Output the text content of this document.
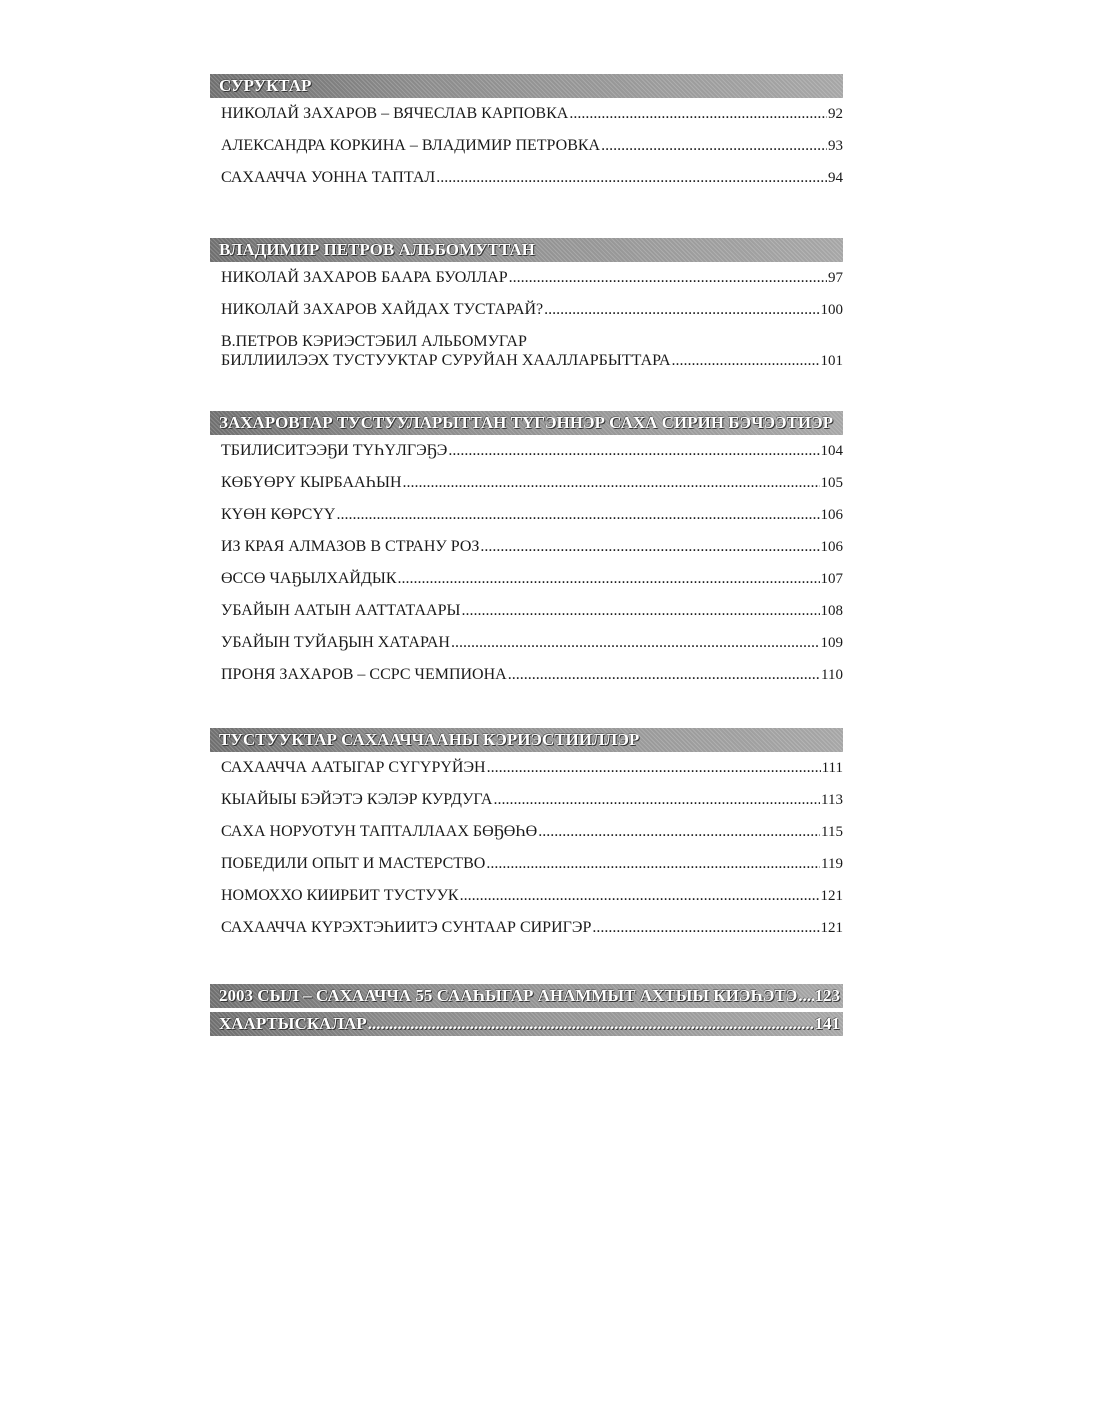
СУРУКТАР
НИКОЛАЙ ЗАХАРОВ – ВЯЧЕСЛАВ КАРПОВКА .....	92
АЛЕКСАНДРА КОРКИНА – ВЛАДИМИР ПЕТРОВКА .....	93
САХААЧЧА УОННА ТАПТАЛ .....	94
ВЛАДИМИР ПЕТРОВ АЛЬБОМУТТАН
НИКОЛАЙ ЗАХАРОВ БААРА БУОЛЛАР .....	97
НИКОЛАЙ ЗАХАРОВ ХАЙДАХ ТУСТАРАЙ? .....	100
В.ПЕТРОВ КЭРИЭСТЭБИЛ АЛЬБОМУГАР
БИЛЛИИЛЭЭХ ТУСТУУКТАР СУРУЙАН ХААЛЛАРБЫТТАРА .....	101
ЗАХАРОВТАР ТУСТУУЛАРЫТТАН ТҮГЭННЭР САХА СИРИН БЭЧЭЭТИЭР
ТБИЛИСИТЭЭҔИ ТҮҺҮЛГЭҔЭ .....	104
КӨБҮӨРҮ КЫРБААҺЫН .....	105
КҮӨН КӨРСҮҮ .....	106
ИЗ КРАЯ АЛМАЗОВ В СТРАНУ РОЗ .....	106
ӨССӨ ЧАҔЫЛХАЙДЫК .....	107
УБАЙЫН ААТЫН ААТТАТААРЫ .....	108
УБАЙЫН ТУЙАҔЫН ХАТАРАН .....	109
ПРОНЯ ЗАХАРОВ – ССРС ЧЕМПИОНА .....	110
ТУСТУУКТАР САХААЧЧААНЫ КЭРИЭСТИИЛЛЭР
САХААЧЧА ААТЫГАР СҮГҮРҮЙЭН .....	111
КЫАЙЫЫ БЭЙЭТЭ КЭЛЭР КУРДУГА .....	113
САХА НОРУОТУН ТАПТАЛЛААХ БӨҔӨҺӨ .....	115
ПОБЕДИЛИ ОПЫТ И МАСТЕРСТВО .....	119
НОМОХХО КИИРБИТ ТУСТУУК .....	121
САХААЧЧА КҮРЭХТЭҺИИТЭ СУНТААР СИРИГЭР .....	121
2003 СЫЛ – САХААЧЧА 55 СААҺЫГАР АНАММЫТ АХТЫЫ КИЭҺЭТЭ ..... 123
ХААРТЫСКАЛАР .....	141
